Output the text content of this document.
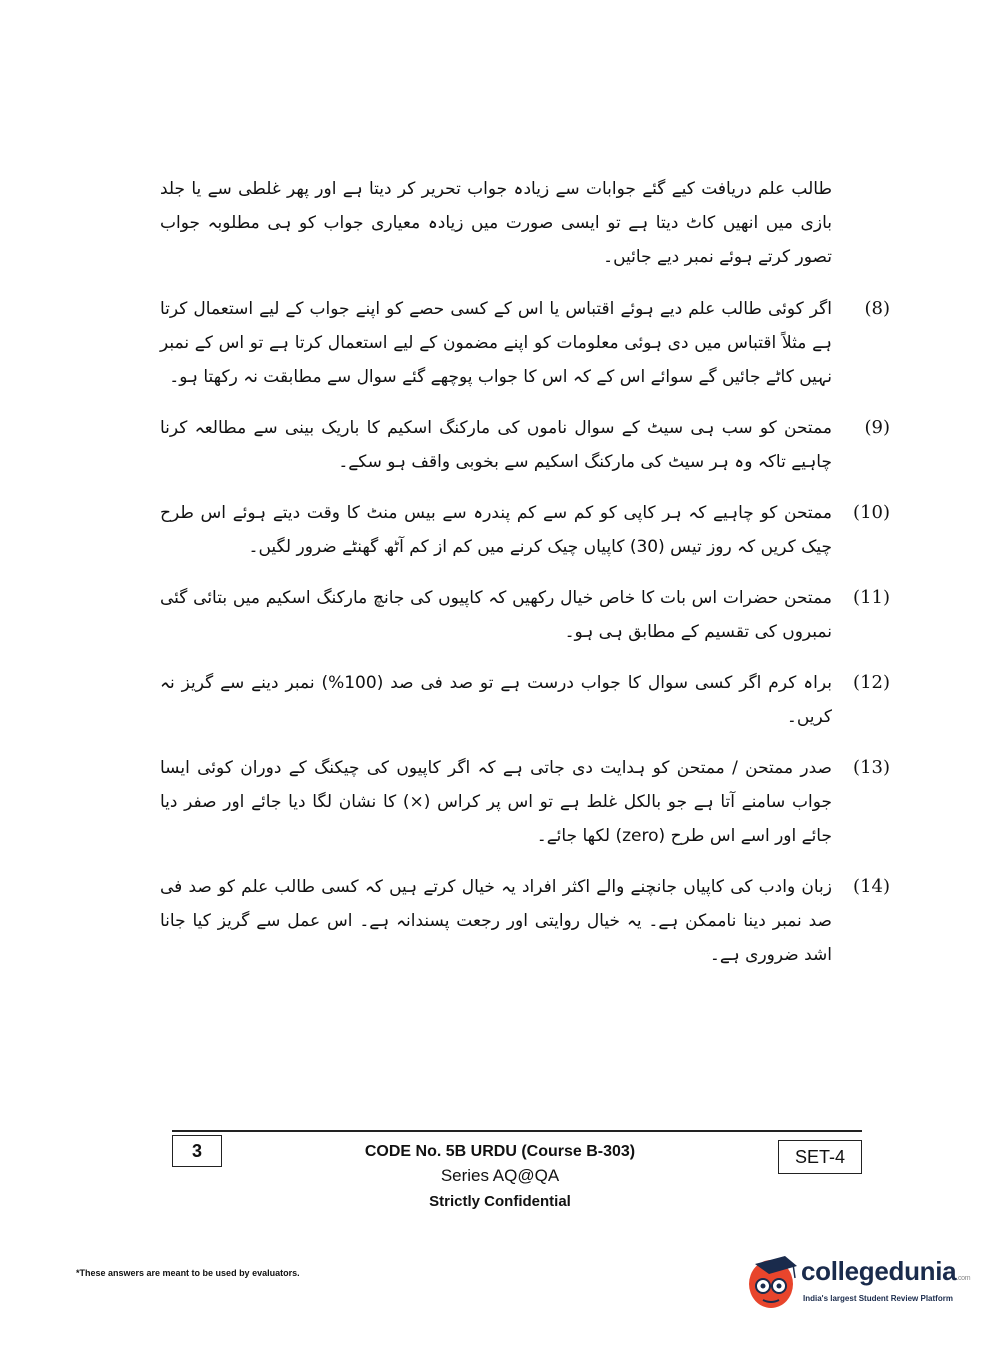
طالب علم دریافت کیے گئے جوابات سے زیادہ جواب تحریر کر دیتا ہے اور پھر غلطی سے یا جلد بازی میں انھیں کاٹ دیتا ہے تو ایسی صورت میں زیادہ معیاری جواب کو ہی مطلوبہ جواب تصور کرتے ہوئے نمبر دیے جائیں۔

(8)
اگر کوئی طالب علم دیے ہوئے اقتباس یا اس کے کسی حصے کو اپنے جواب کے لیے استعمال کرتا ہے مثلاً اقتباس میں دی ہوئی معلومات کو اپنے مضمون کے لیے استعمال کرتا ہے تو اس کے نمبر نہیں کاٹے جائیں گے سوائے اس کے کہ اس کا جواب پوچھے گئے سوال سے مطابقت نہ رکھتا ہو۔
(9)
ممتحن کو سب ہی سیٹ کے سوال ناموں کی مارکنگ اسکیم کا باریک بینی سے مطالعہ کرنا چاہیے تاکہ وہ ہر سیٹ کی مارکنگ اسکیم سے بخوبی واقف ہو سکے۔
(10)
ممتحن کو چاہیے کہ ہر کاپی کو کم سے کم پندرہ سے بیس منٹ کا وقت دیتے ہوئے اس طرح چیک کریں کہ روز تیس (30) کاپیاں چیک کرنے میں کم از کم آٹھ گھنٹے ضرور لگیں۔
(11)
ممتحن حضرات اس بات کا خاص خیال رکھیں کہ کاپیوں کی جانچ مارکنگ اسکیم میں بتائی گئی نمبروں کی تقسیم کے مطابق ہی ہو۔
(12)
براہ کرم اگر کسی سوال کا جواب درست ہے تو صد فی صد (100%) نمبر دینے سے گریز نہ کریں۔
(13)
صدر ممتحن / ممتحن کو ہدایت دی جاتی ہے کہ اگر کاپیوں کی چیکنگ کے دوران کوئی ایسا جواب سامنے آتا ہے جو بالکل غلط ہے تو اس پر کراس (×) کا نشان لگا دیا جائے اور صفر دیا جائے اور اسے اس طرح (zero) لکھا جائے۔
(14)
زبان وادب کی کاپیاں جانچنے والے اکثر افراد یہ خیال کرتے ہیں کہ کسی طالب علم کو صد فی صد نمبر دینا ناممکن ہے۔ یہ خیال روایتی اور رجعت پسندانہ ہے۔ اس عمل سے گریز کیا جانا اشد ضروری ہے۔
3	CODE No. 5B URDU (Course B-303)
Series AQ@QA
Strictly Confidential
SET-4
*These answers are meant to be used by evaluators.	collegedunia.com
India's largest Student Review Platform
